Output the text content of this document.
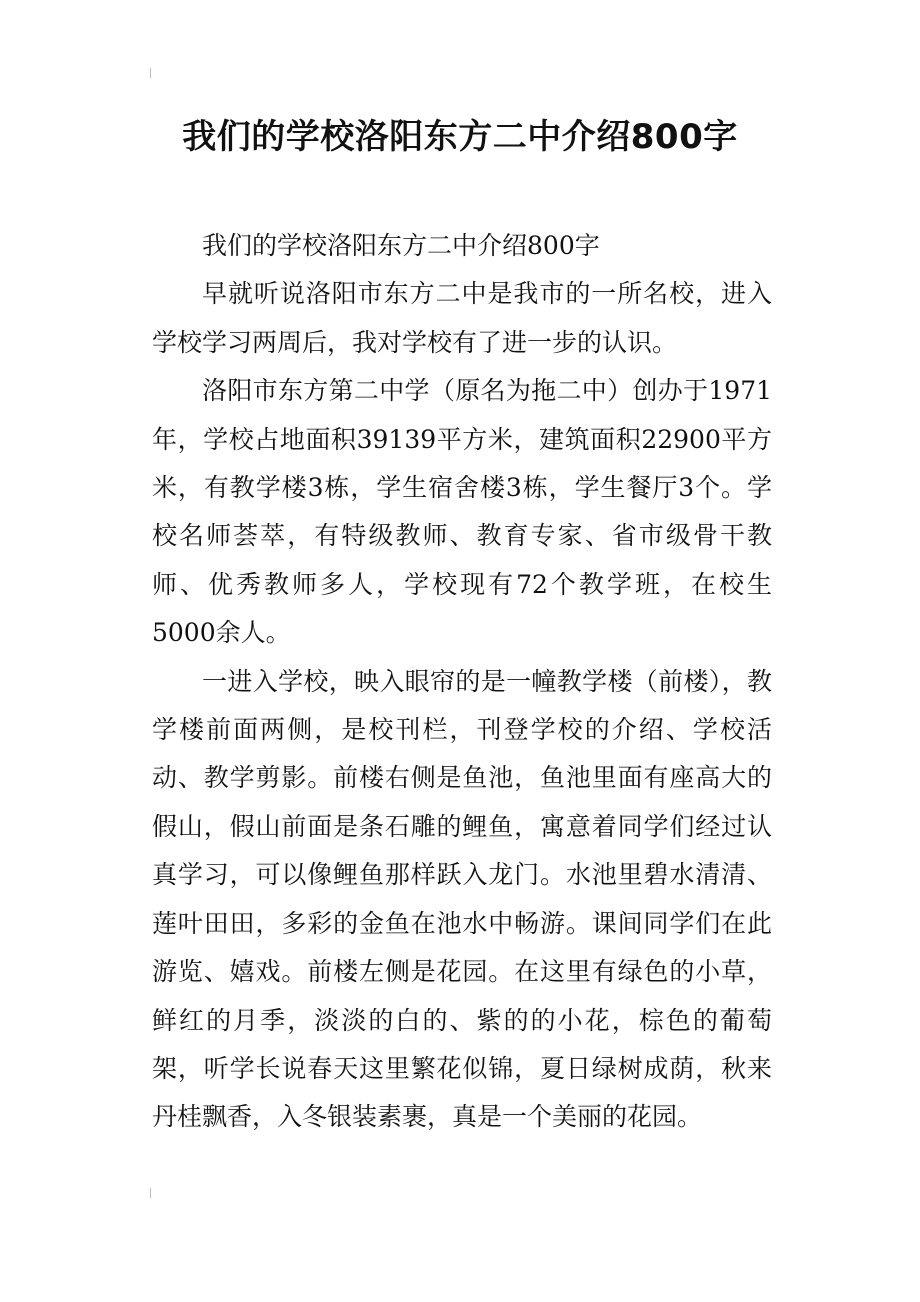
我们的学校洛阳东方二中介绍800字

我们的学校洛阳东方二中介绍800字

早就听说洛阳市东方二中是我市的一所名校，进入学校学习两周后，我对学校有了进一步的认识。

洛阳市东方第二中学（原名为拖二中）创办于1971年，学校占地面积39139平方米，建筑面积22900平方米，有教学楼3栋，学生宿舍楼3栋，学生餐厅3个。学校名师荟萃，有特级教师、教育专家、省市级骨干教师、优秀教师多人，学校现有72个教学班，在校生5000余人。

一进入学校，映入眼帘的是一幢教学楼（前楼），教学楼前面两侧，是校刊栏，刊登学校的介绍、学校活动、教学剪影。前楼右侧是鱼池，鱼池里面有座高大的假山，假山前面是条石雕的鲤鱼，寓意着同学们经过认真学习，可以像鲤鱼那样跃入龙门。水池里碧水清清、莲叶田田，多彩的金鱼在池水中畅游。课间同学们在此游览、嬉戏。前楼左侧是花园。在这里有绿色的小草，鲜红的月季，淡淡的白的、紫的的小花，棕色的葡萄架，听学长说春天这里繁花似锦，夏日绿树成荫，秋来丹桂飘香，入冬银装素裹，真是一个美丽的花园。
